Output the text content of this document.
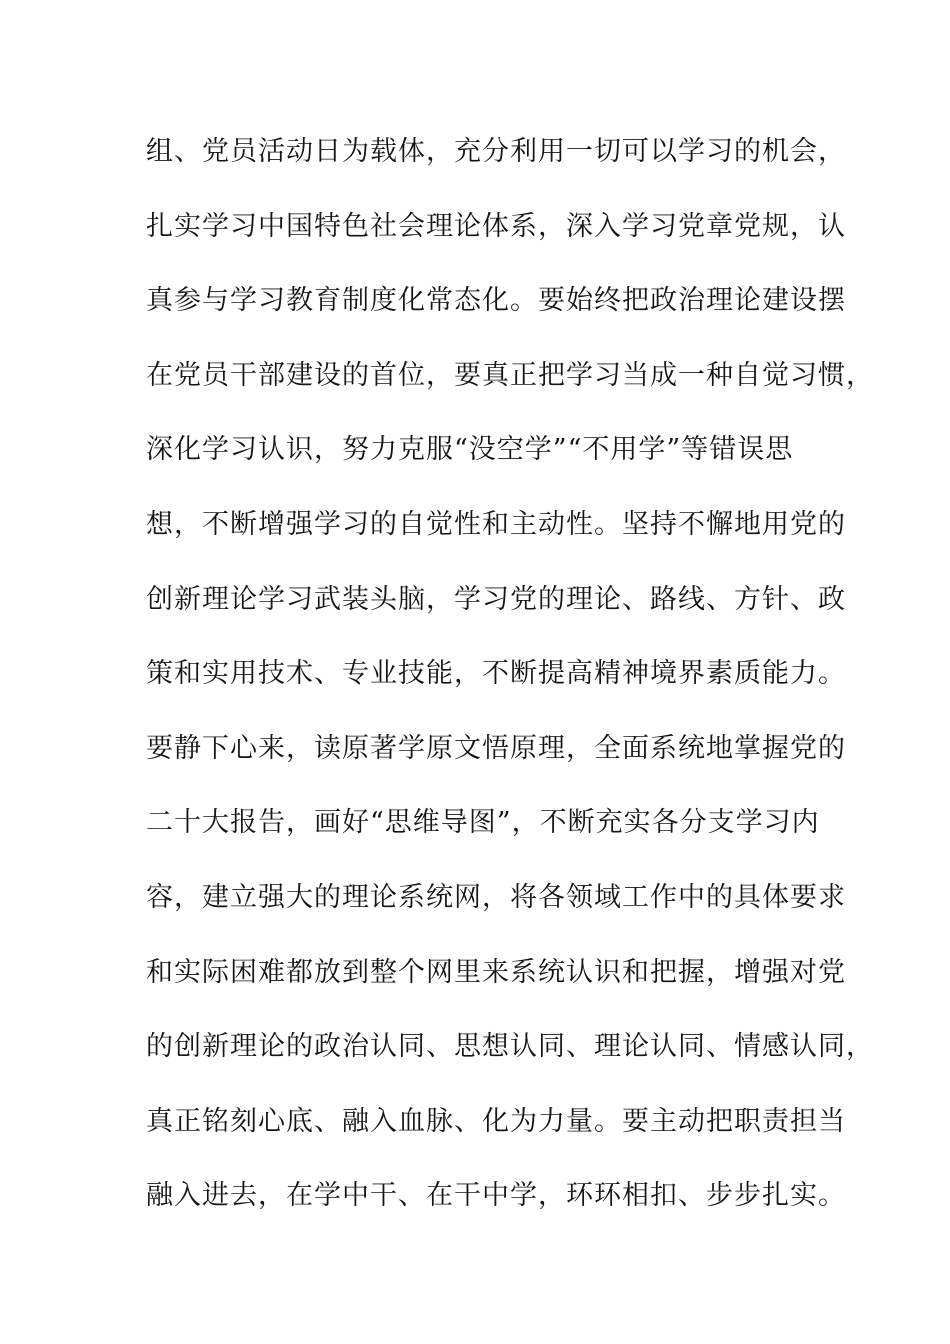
组、党员活动日为载体，充分利用一切可以学习的机会，
扎实学习中国特色社会理论体系，深入学习党章党规，认
真参与学习教育制度化常态化。要始终把政治理论建设摆
在党员干部建设的首位，要真正把学习当成一种自觉习惯，
深化学习认识，努力克服“没空学”“不用学”等错误思
想，不断增强学习的自觉性和主动性。坚持不懈地用党的
创新理论学习武装头脑，学习党的理论、路线、方针、政
策和实用技术、专业技能，不断提高精神境界素质能力。
要静下心来，读原著学原文悟原理，全面系统地掌握党的
二十大报告，画好“思维导图”，不断充实各分支学习内
容，建立强大的理论系统网，将各领域工作中的具体要求
和实际困难都放到整个网里来系统认识和把握，增强对党
的创新理论的政治认同、思想认同、理论认同、情感认同，
真正铭刻心底、融入血脉、化为力量。要主动把职责担当
融入进去，在学中干、在干中学，环环相扣、步步扎实。
